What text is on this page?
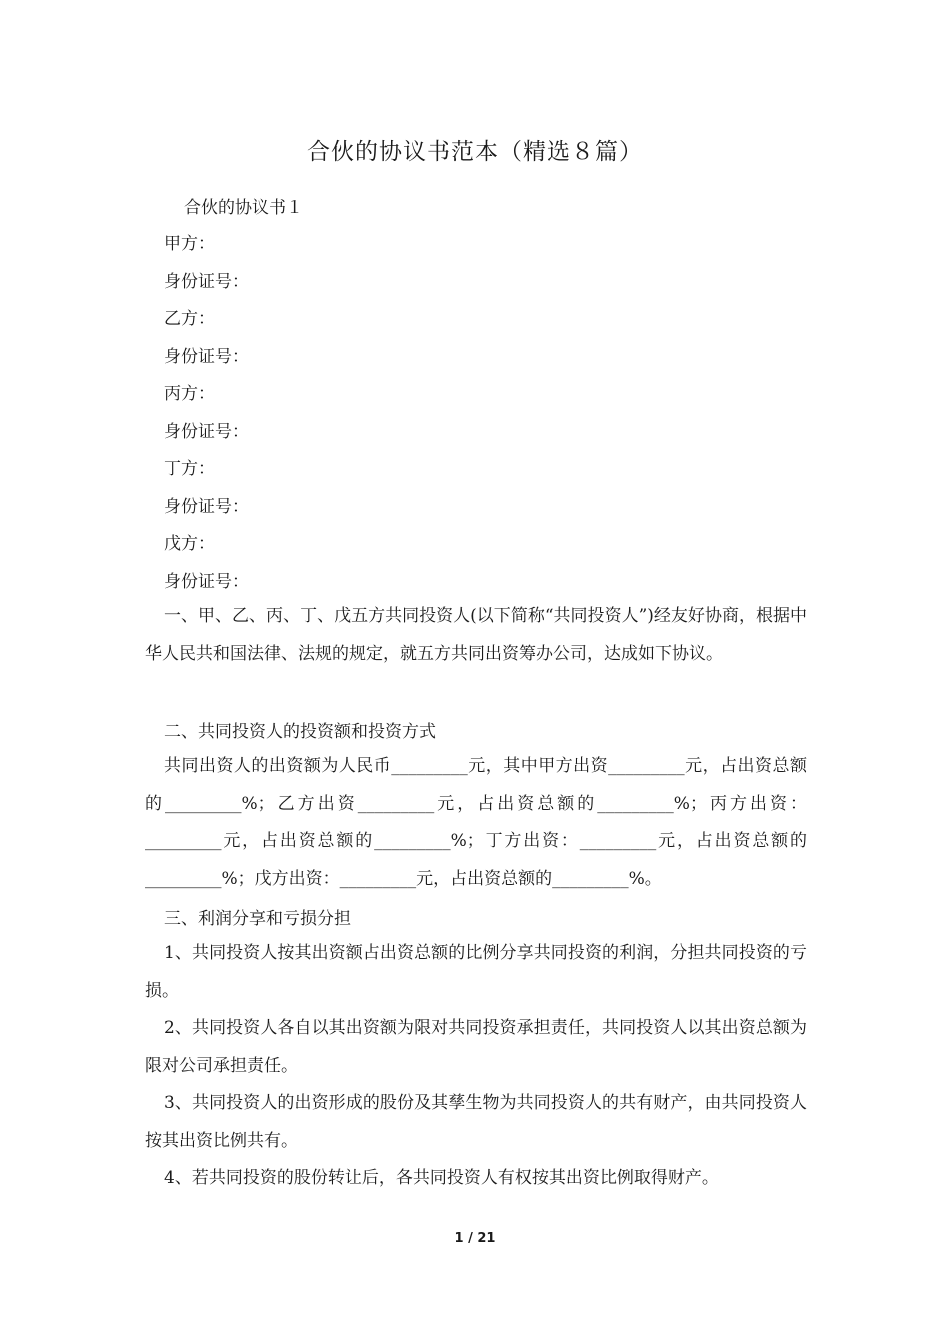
合伙的协议书范本（精选８篇）
合伙的协议书１
甲方：
身份证号：
乙方：
身份证号：
丙方：
身份证号：
丁方：
身份证号：
戊方：
身份证号：
一、甲、乙、丙、丁、戊五方共同投资人(以下简称“共同投资人”)经友好协商，根据中华人民共和国法律、法规的规定，就五方共同出资筹办公司，达成如下协议。
二、共同投资人的投资额和投资方式
共同出资人的出资额为人民币_________元，其中甲方出资_________元，占出资总额的_________%；乙方出资_________元，占出资总额的_________%；丙方出资：_________元，占出资总额的_________%；丁方出资：_________元，占出资总额的_________%；戊方出资：_________元，占出资总额的_________%。
三、利润分享和亏损分担

1、共同投资人按其出资额占出资总额的比例分享共同投资的利润，分担共同投资的亏损。

2、共同投资人各自以其出资额为限对共同投资承担责任，共同投资人以其出资总额为限对公司承担责任。

3、共同投资人的出资形成的股份及其孳生物为共同投资人的共有财产，由共同投资人按其出资比例共有。

4、若共同投资的股份转让后，各共同投资人有权按其出资比例取得财产。

1 / 21
